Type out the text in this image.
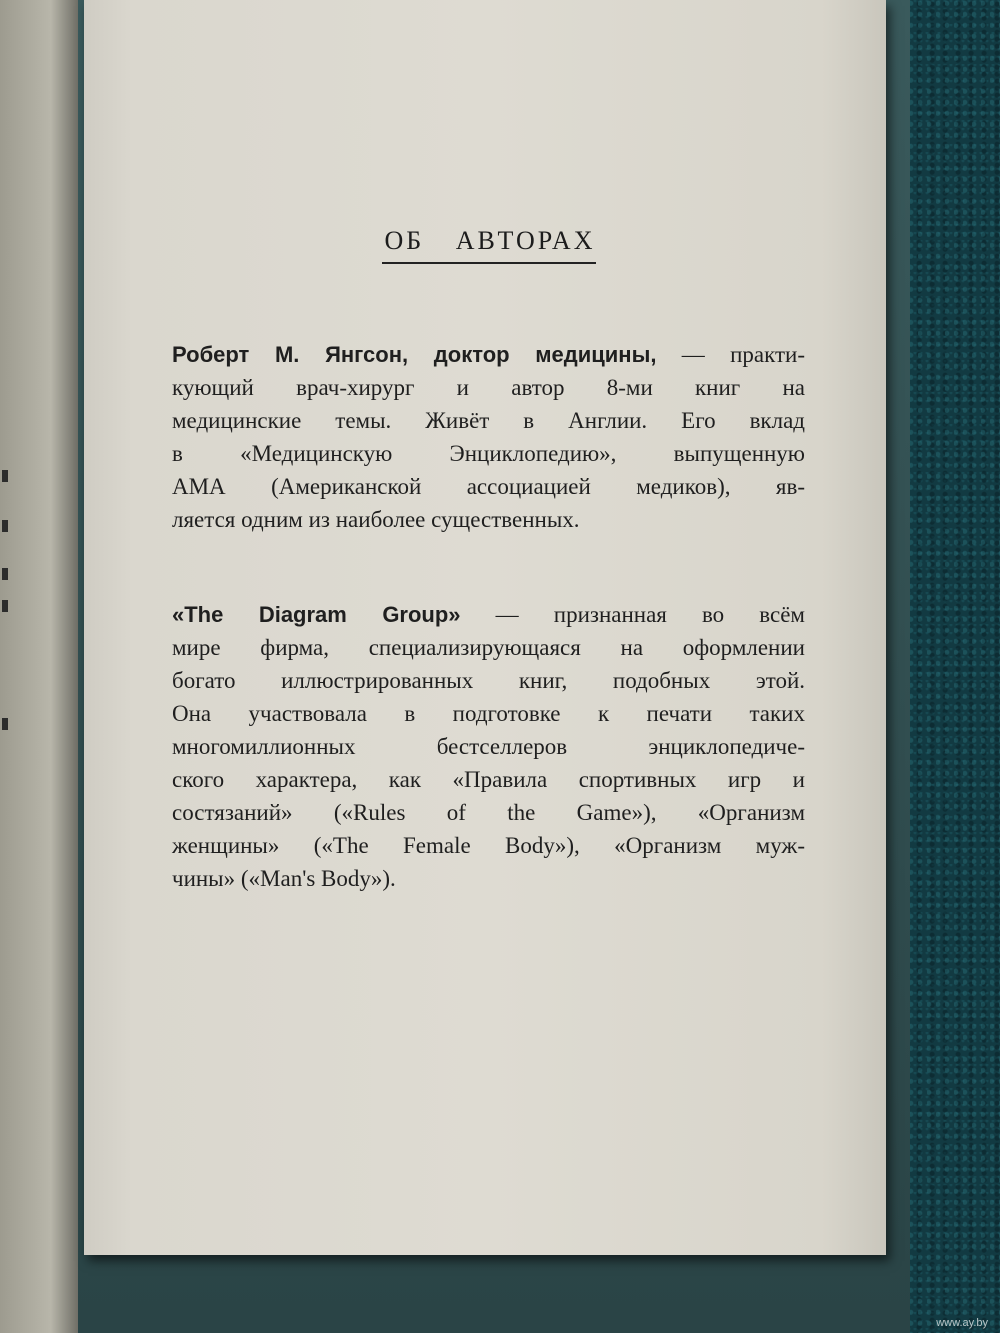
ОБ АВТОРАХ
Роберт М. Янгсон, доктор медицины, — практи-
кующий врач-хирург и автор 8-ми книг на
медицинские темы. Живёт в Англии. Его вклад
в «Медицинскую Энциклопедию», выпущенную
АМА (Американской ассоциацией медиков), яв-
ляется одним из наиболее существенных.
«The Diagram Group» — признанная во всём
мире фирма, специализирующаяся на оформлении
богато иллюстрированных книг, подобных этой.
Она участвовала в подготовке к печати таких
многомиллионных бестселлеров энциклопедиче-
ского характера, как «Правила спортивных игр и
состязаний» («Rules of the Game»), «Организм
женщины» («The Female Body»), «Организм муж-
чины» («Man's Body»).
www.ay.by
